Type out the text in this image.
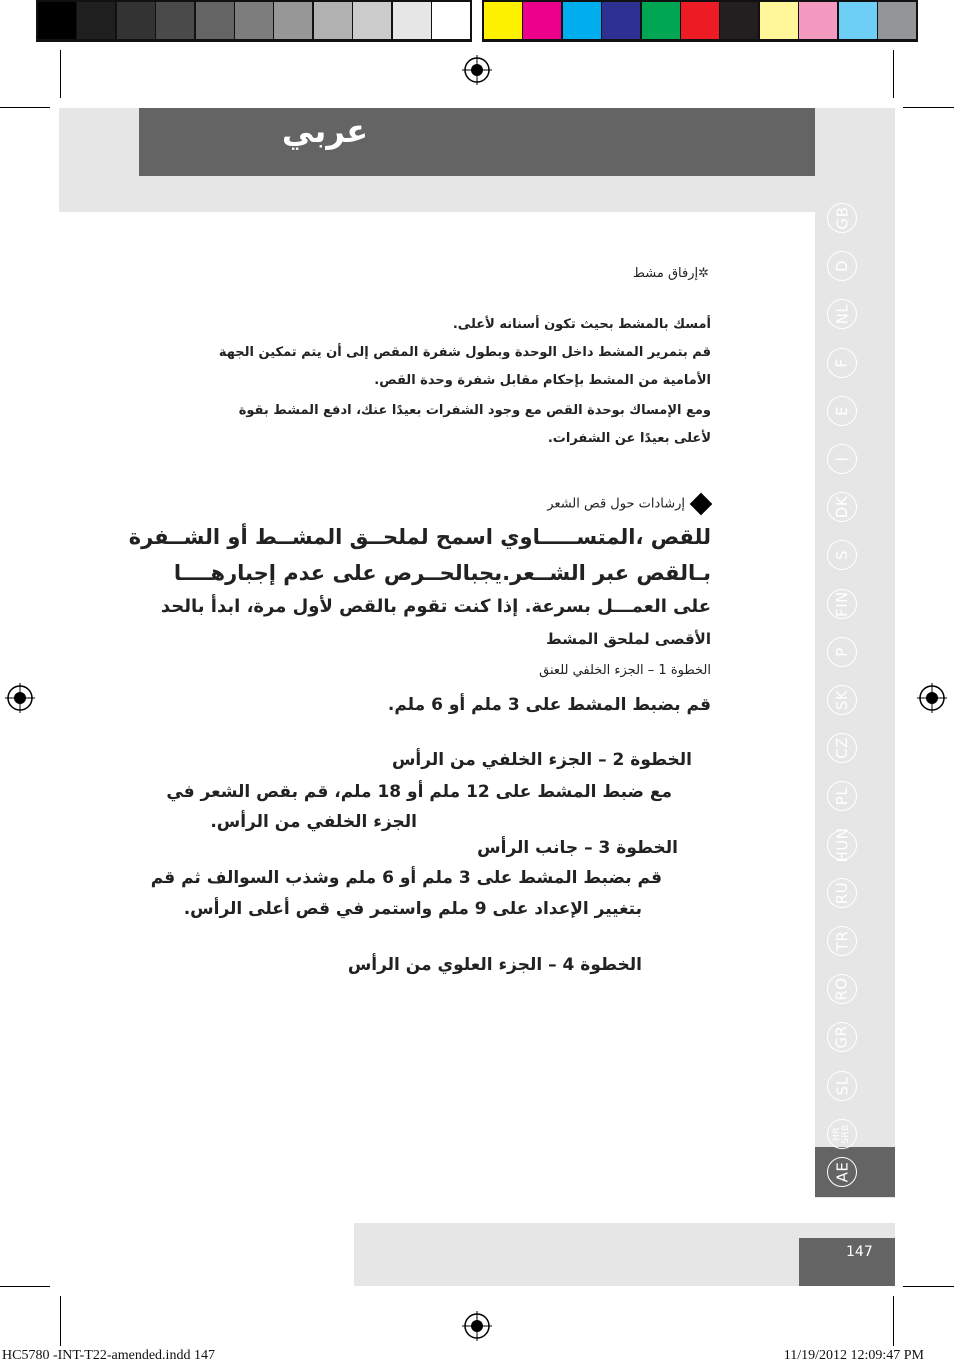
عربي
GB
D
NL
F
E
I
DK
S
FIN
P
SK
CZ
PL
HUN
RU
TR
RO
GR
SL
HR
SRB
AE
✲إرفاق مشط
أمسك بالمشط بحيث تكون أسنانه لأعلى.
قم بتمرير المشط داخل الوحدة وبطول شفرة المقص إلى أن يتم تمكين الجهة
الأمامية من المشط بإحكام مقابل شفرة وحدة القص.
ومع الإمساك بوحدة القص مع وجود الشفرات بعيدًا عنك، ادفع المشط بقوة
لأعلى بعيدًا عن الشفرات.
إرشادات حول قص الشعر
للقص ،المتســـــاوي اسمح لملحــق المشــط أو الشــفرة
بـالقص عبر الشــعر.يجبالحــرص على عدم إجبارهــــا
على العمـــل بسرعة. إذا كنت تقوم بالقص لأول مرة، ابدأ بالحد
الأقصى لملحق المشط
الخطوة 1 – الجزء الخلفي للعنق
قم بضبط المشط على 3 ملم أو 6 ملم.
الخطوة 2 – الجزء الخلفي من الرأس
مع ضبط المشط على 12 ملم أو 18 ملم، قم بقص الشعر في
الجزء الخلفي من الرأس.
الخطوة 3 – جانب الرأس
قم بضبط المشط على 3 ملم أو 6 ملم وشذب السوالف ثم قم
بتغيير الإعداد على 9 ملم واستمر في قص أعلى الرأس.
الخطوة 4 – الجزء العلوي من الرأس
147
HC5780 -INT-T22-amended.indd 147	11/19/2012 12:09:47 PM
